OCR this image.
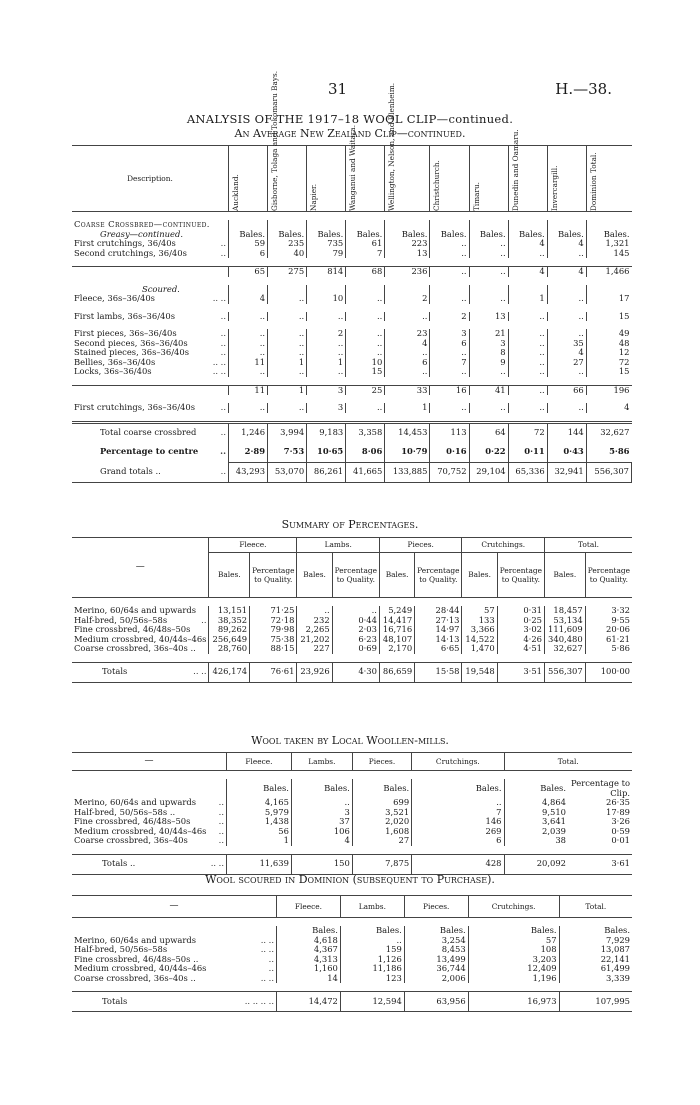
31	H.—38.
ANALYSIS OF THE 1917–18 WOOL CLIP—continued.
An Average New Zealand Clip—continued.
Description.	Auckland.	Gisborne, Tolaga and Tokomaru Bays.	Napier.	Wanganui and Waitara.	Wellington, Nelson, and Blenheim.	Christchurch.	Timaru.	Dunedin and Oamaru.	Invercargill.	Dominion Total.

Coarse Crossbred—continued.										
Greasy—continued.	Bales.	Bales.	Bales.	Bales.	Bales.	Bales.	Bales.	Bales.	Bales.	Bales.
First crutchings, 36/40s ..	59	235	735	61	223	..	..	4	4	1,321
Second crutchings, 36/40s ..	6	40	79	7	13	..	..	..	..	145

	65	275	814	68	236	..	..	4	4	1,466

Scoured.										
Fleece, 36s–36/40s .. ..	4	..	10	..	2	..	..	1	..	17

First lambs, 36s–36/40s ..	..	..	..	..	..	2	13	..	..	15

First pieces, 36s–36/40s ..	..	..	2	..	23	3	21	..	..	49
Second pieces, 36s–36/40s ..	..	..	..	..	4	6	3	..	35	48
Stained pieces, 36s–36/40s ..	..	..	..	..	..	..	8	..	4	12
Bellies, 36s–36/40s .. ..	11	1	1	10	6	7	9	..	27	72
Locks, 36s–36/40s .. ..	..	..	..	15	..	..	..	..	..	15

	11	1	3	25	33	16	41	..	66	196

First crutchings, 36s–36/40s ..	..	..	3	..	1	..	..	..	..	4

Total coarse crossbred ..	1,246	3,994	9,183	3,358	14,453	113	64	72	144	32,627
Percentage to centre ..	2·89	7·53	10·65	8·06	10·79	0·16	0·22	0·11	0·43	5·86
Grand totals .. ..	43,293	53,070	86,261	41,665	133,885	70,752	29,104	65,336	32,941	556,307
Summary of Percentages.
—	Fleece.		Lambs.		Pieces.		Crutchings.		Total.	
	Bales.	Percentage to Quality.	Bales.	Percentage to Quality.	Bales.	Percentage to Quality.	Bales.	Percentage to Quality.	Bales.	Percentage to Quality.

Merino, 60/64s and upwards	13,151	71·25	..	..	5,249	28·44	57	0·31	18,457	3·32
Half-bred, 50/56s–58s ..	38,352	72·18	232	0·44	14,417	27·13	133	0·25	53,134	9·55
Fine crossbred, 46/48s–50s	89,262	79·98	2,265	2·03	16,716	14·97	3,366	3·02	111,609	20·06
Medium crossbred, 40/44s–46s	256,649	75·38	21,202	6·23	48,107	14·13	14,522	4·26	340,480	61·21
Coarse crossbred, 36s–40s ..	28,760	88·15	227	0·69	2,170	6·65	1,470	4·51	32,627	5·86

Totals .. ..	426,174	76·61	23,926	4·30	86,659	15·58	19,548	3·51	556,307	100·00
Wool taken by Local Woollen-mills.
—	Fleece.	Lambs.	Pieces.	Crutchings.	Total.	

	Bales.	Bales.	Bales.	Bales.	Bales.	Percentage to Clip.
Merino, 60/64s and upwards ..	4,165	..	699	..	4,864	26·35
Half-bred, 50/56s–58s .. ..	5,979	3	3,521	7	9,510	17·89
Fine crossbred, 46/48s–50s ..	1,438	37	2,020	146	3,641	3·26
Medium crossbred, 40/44s–46s ..	56	106	1,608	269	2,039	0·59
Coarse crossbred, 36s–40s ..	1	4	27	6	38	0·01

Totals .. .. ..	11,639	150	7,875	428	20,092	3·61
Wool scoured in Dominion (subsequent to Purchase).
—	Fleece.	Lambs.	Pieces.	Crutchings.	Total.

	Bales.	Bales.	Bales.	Bales.	Bales.
Merino, 60/64s and upwards .. ..	4,618	..	3,254	57	7,929
Half-bred, 50/56s–58s .. ..	4,367	159	8,453	108	13,087
Fine crossbred, 46/48s–50s .. ..	4,313	1,126	13,499	3,203	22,141
Medium crossbred, 40/44s–46s ..	1,160	11,186	36,744	12,409	61,499
Coarse crossbred, 36s–40s .. .. ..	14	123	2,006	1,196	3,339

Totals .. .. .. ..	14,472	12,594	63,956	16,973	107,995
